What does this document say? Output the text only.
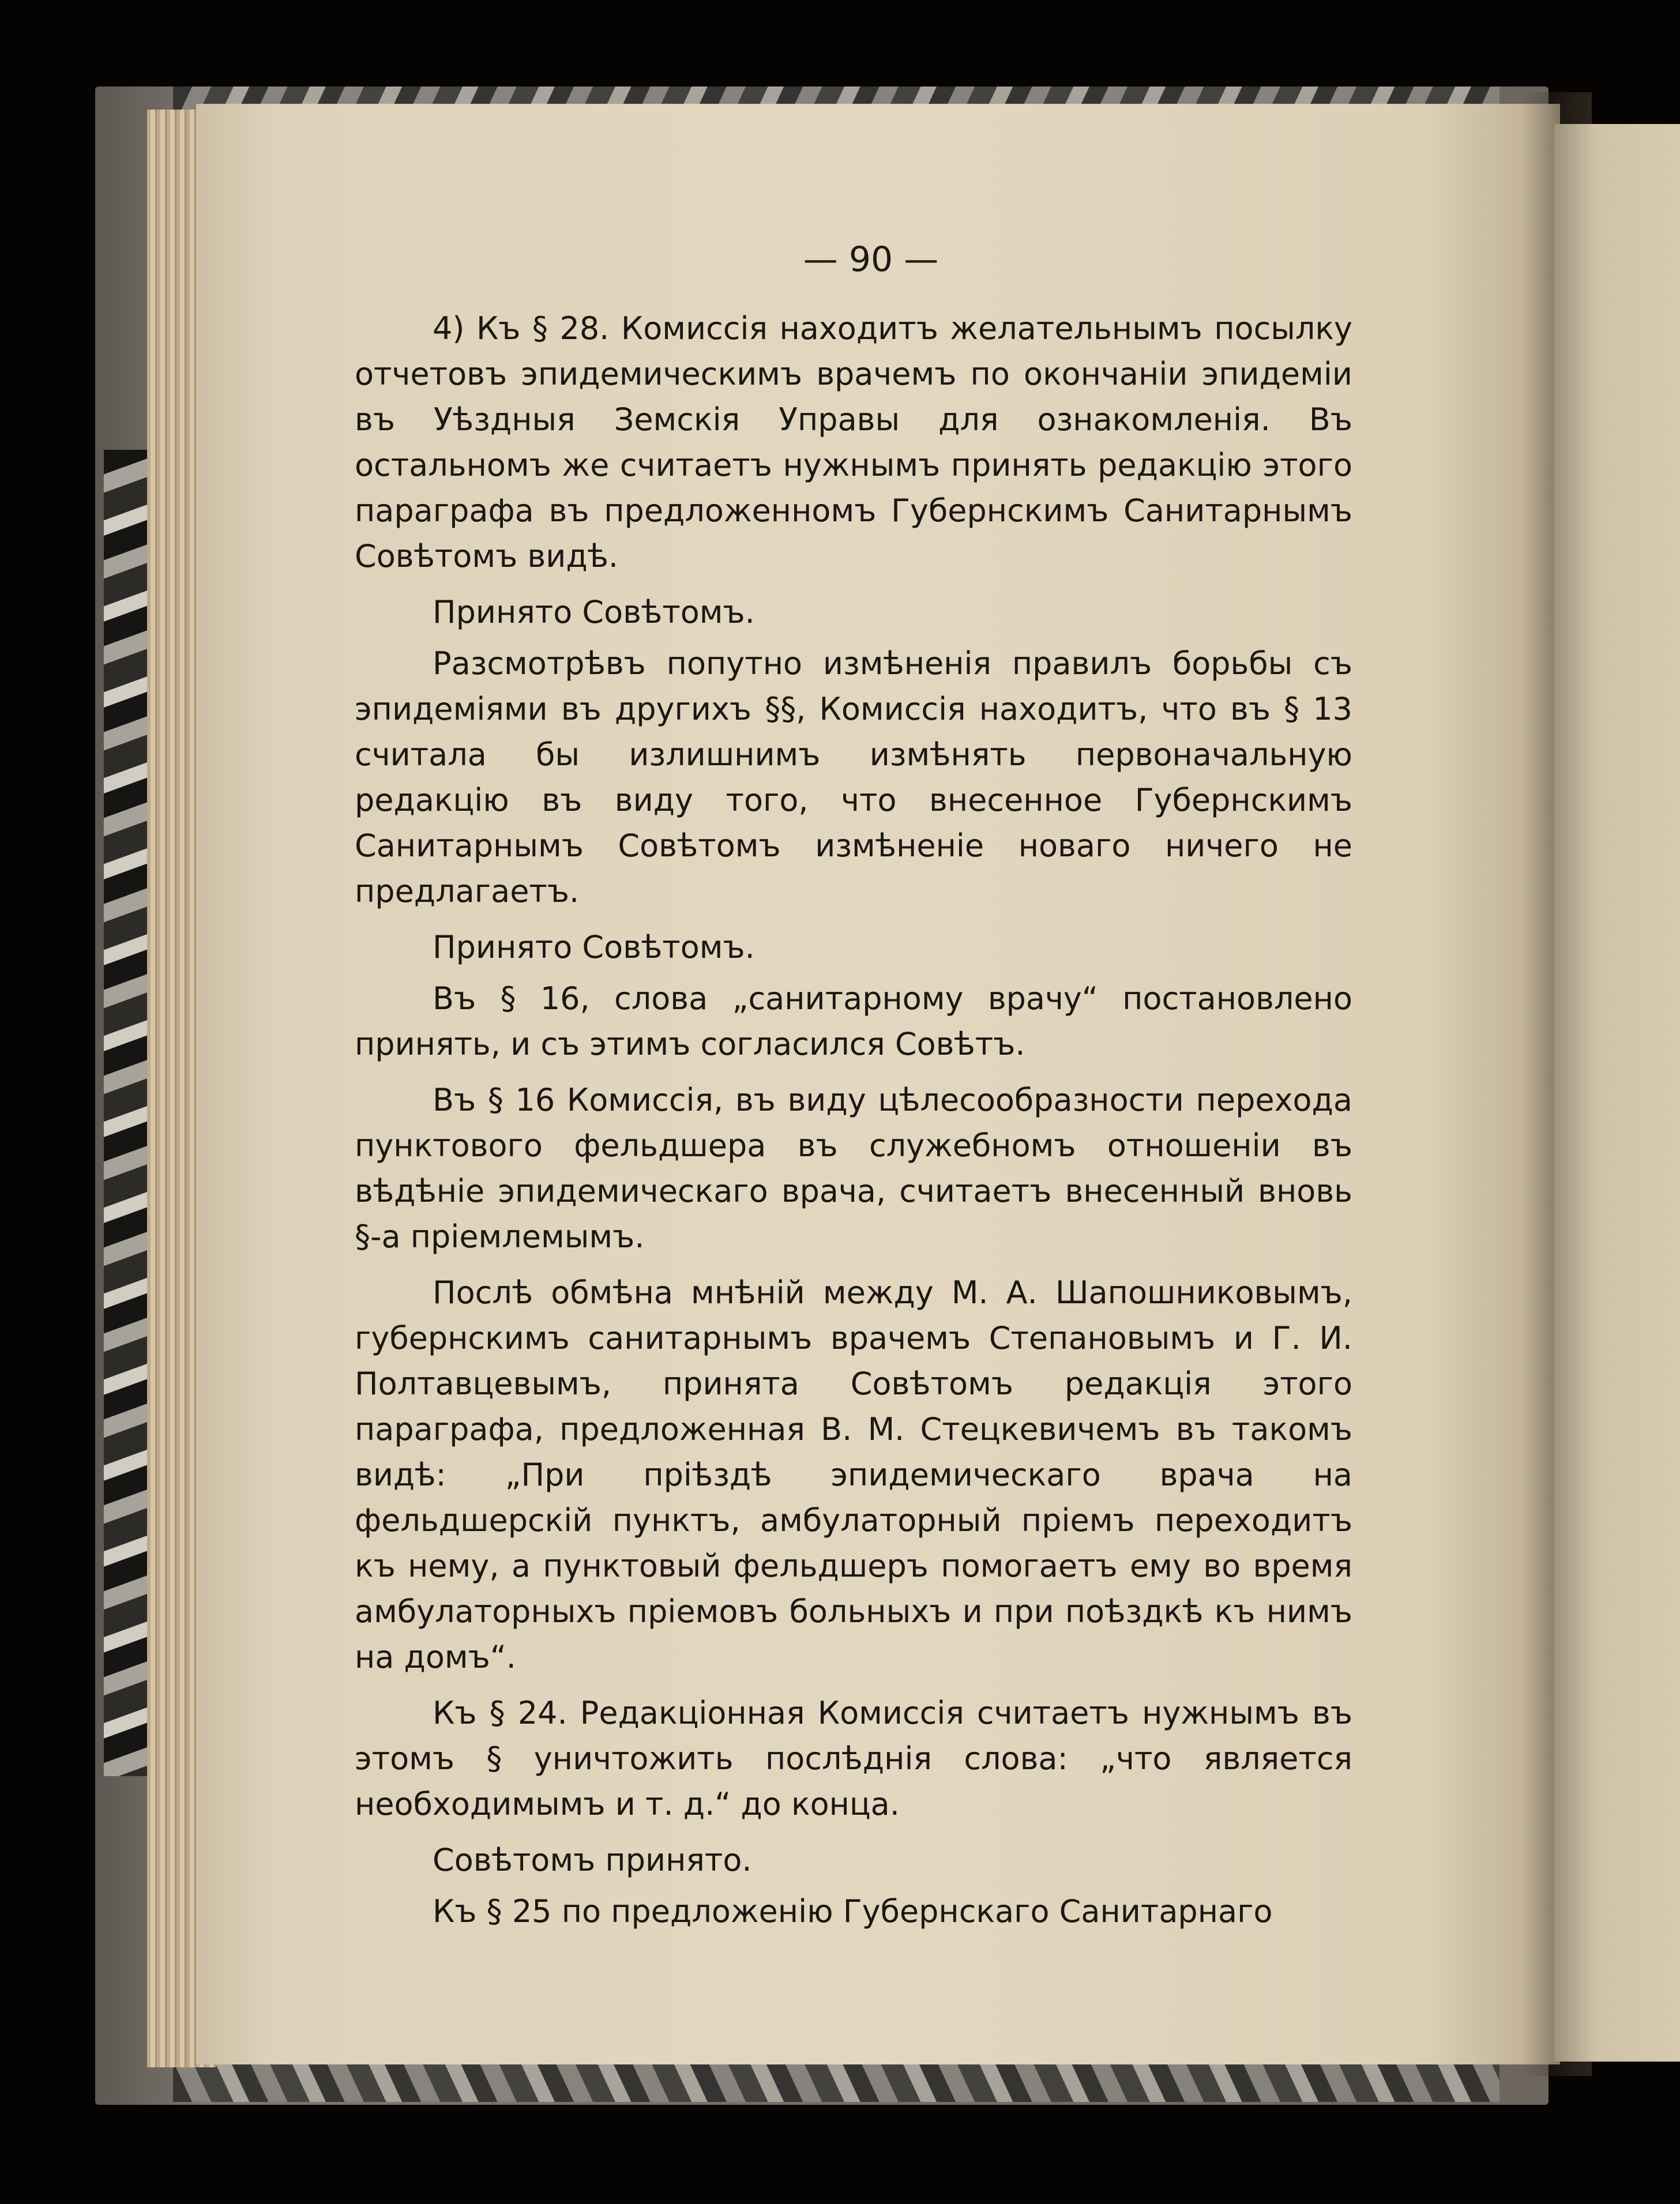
— 90 —

4) Къ § 28. Комиссія находитъ желательнымъ посылку отчетовъ эпидемическимъ врачемъ по окончаніи эпидеміи въ Уѣздныя Земскія Управы для ознакомленія. Въ остальномъ же считаетъ нужнымъ принять редакцію этого параграфа въ предложенномъ Губернскимъ Санитарнымъ Совѣтомъ видѣ.

Принято Совѣтомъ.

Разсмотрѣвъ попутно измѣненія правилъ борьбы съ эпидеміями въ другихъ §§, Комиссія находитъ, что въ § 13 считала бы излишнимъ измѣнять первоначальную редакцію въ виду того, что внесенное Губернскимъ Санитарнымъ Совѣтомъ измѣненіе новаго ничего не предлагаетъ.

Принято Совѣтомъ.

Въ § 16, слова „санитарному врачу“ постановлено принять, и съ этимъ согласился Совѣтъ.

Въ § 16 Комиссія, въ виду цѣлесообразности перехода пунктового фельдшера въ служебномъ отношеніи въ вѣдѣніе эпидемическаго врача, считаетъ внесенный вновь §-а пріемлемымъ.

Послѣ обмѣна мнѣній между М. А. Шапошниковымъ, губернскимъ санитарнымъ врачемъ Степановымъ и Г. И. Полтавцевымъ, принята Совѣтомъ редакція этого параграфа, предложенная В. М. Стецкевичемъ въ такомъ видѣ: „При пріѣздѣ эпидемическаго врача на фельдшерскій пунктъ, амбулаторный пріемъ переходитъ къ нему, а пунктовый фельдшеръ помогаетъ ему во время амбулаторныхъ пріемовъ больныхъ и при поѣздкѣ къ нимъ на домъ“.

Къ § 24. Редакціонная Комиссія считаетъ нужнымъ въ этомъ § уничтожить послѣднія слова: „что является необходимымъ и т. д.“ до конца.

Совѣтомъ принято.

Къ § 25 по предложенію Губернскаго Санитарнаго
